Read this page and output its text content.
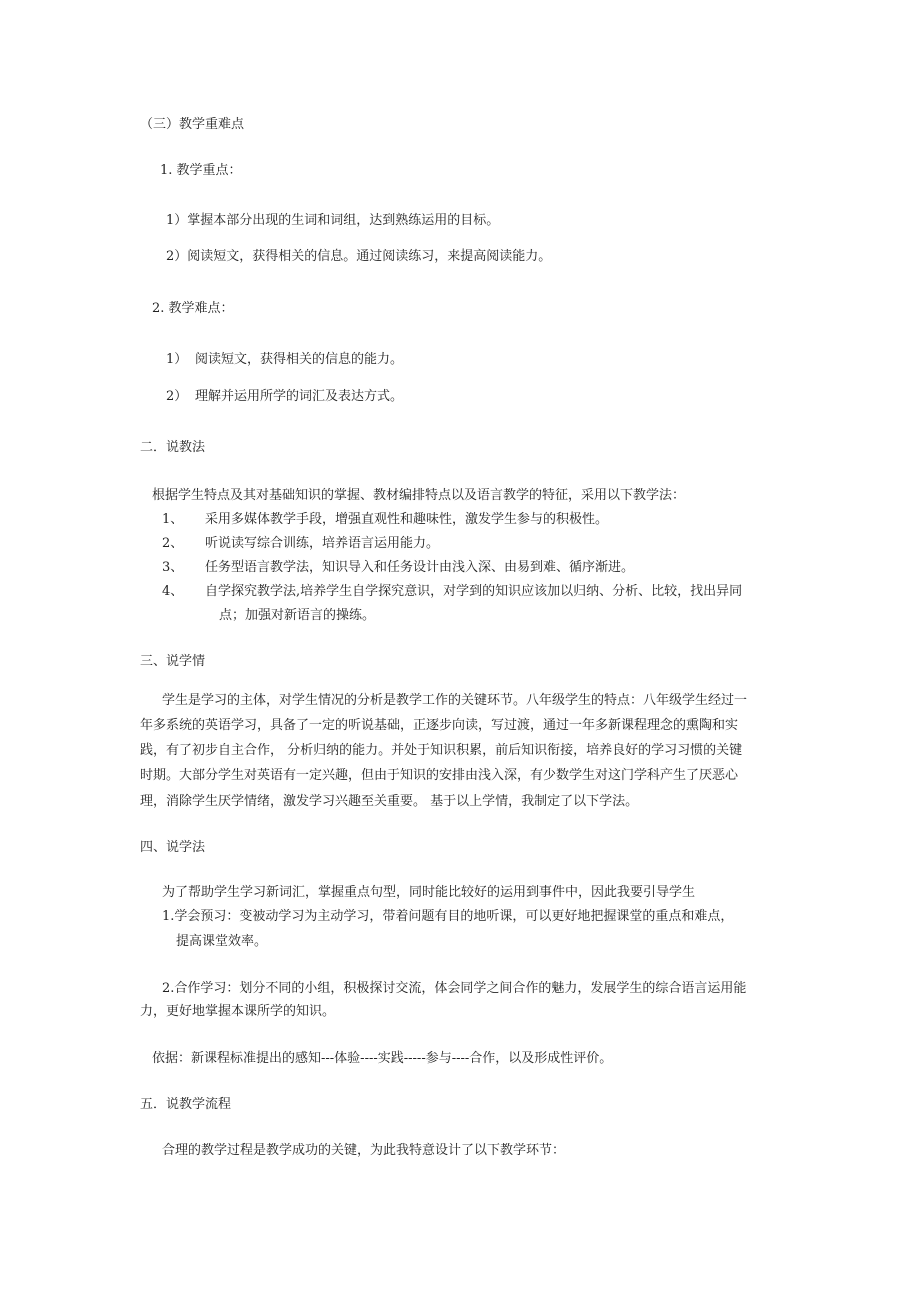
（三）教学重难点
1. 教学重点：
1）掌握本部分出现的生词和词组，达到熟练运用的目标。
2）阅读短文，获得相关的信息。通过阅读练习，来提高阅读能力。
2. 教学难点：
1） 阅读短文，获得相关的信息的能力。
2） 理解并运用所学的词汇及表达方式。
二．说教法
根据学生特点及其对基础知识的掌握、教材编排特点以及语言教学的特征，采用以下教学法：
1、 采用多媒体教学手段，增强直观性和趣味性，激发学生参与的积极性。
2、 听说读写综合训练，培养语言运用能力。
3、 任务型语言教学法，知识导入和任务设计由浅入深、由易到难、循序渐进。
4、 自学探究教学法,培养学生自学探究意识，对学到的知识应该加以归纳、分析、比较，找出异同
点；加强对新语言的操练。
三、说学情
学生是学习的主体，对学生情况的分析是教学工作的关键环节。八年级学生的特点：八年级学生经过一
年多系统的英语学习，具备了一定的听说基础，正逐步向读，写过渡，通过一年多新课程理念的熏陶和实
践，有了初步自主合作， 分析归纳的能力。并处于知识积累，前后知识衔接，培养良好的学习习惯的关键
时期。大部分学生对英语有一定兴趣，但由于知识的安排由浅入深，有少数学生对这门学科产生了厌恶心
理，消除学生厌学情绪，激发学习兴趣至关重要。 基于以上学情，我制定了以下学法。
四、说学法
为了帮助学生学习新词汇，掌握重点句型，同时能比较好的运用到事件中，因此我要引导学生
1.学会预习：变被动学习为主动学习，带着问题有目的地听课，可以更好地把握课堂的重点和难点，
提高课堂效率。
2.合作学习：划分不同的小组，积极探讨交流，体会同学之间合作的魅力，发展学生的综合语言运用能
力，更好地掌握本课所学的知识。
依据：新课程标准提出的感知---体验----实践-----参与----合作，以及形成性评价。
五．说教学流程
合理的教学过程是教学成功的关键，为此我特意设计了以下教学环节：
